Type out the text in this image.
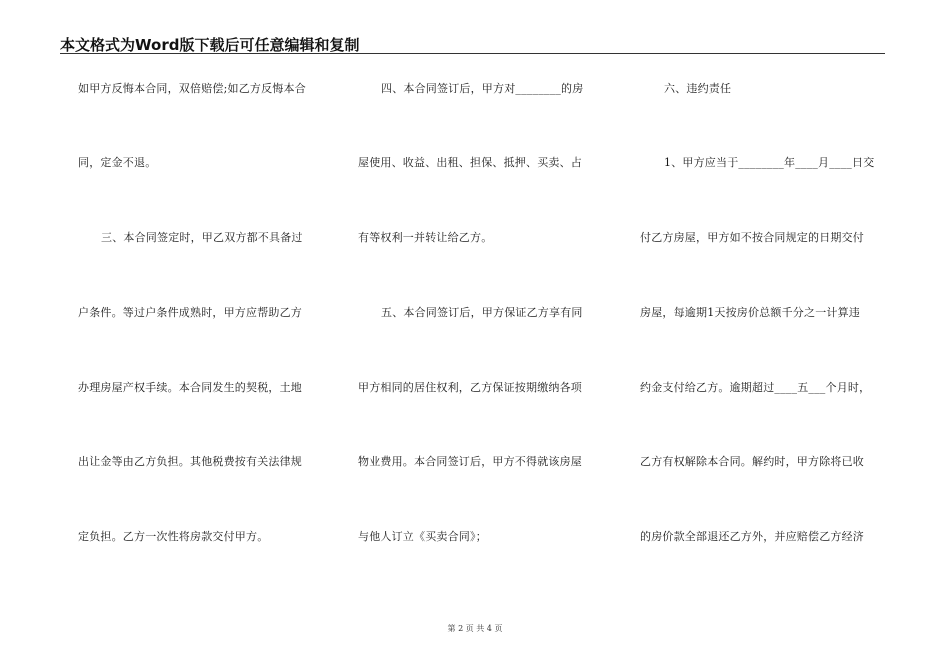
本文格式为Word版下载后可任意编辑和复制
如甲方反悔本合同，双倍赔偿;如乙方反悔本合
同，定金不退。
三、本合同签定时，甲乙双方都不具备过
户条件。等过户条件成熟时，甲方应帮助乙方
办理房屋产权手续。本合同发生的契税，土地
出让金等由乙方负担。其他税费按有关法律规
定负担。乙方一次性将房款交付甲方。
四、本合同签订后，甲方对________的房
屋使用、收益、出租、担保、抵押、买卖、占
有等权利一并转让给乙方。
五、本合同签订后，甲方保证乙方享有同
甲方相同的居住权利，乙方保证按期缴纳各项
物业费用。本合同签订后，甲方不得就该房屋
与他人订立《买卖合同》；
六、违约责任
1、甲方应当于________年____月____日交
付乙方房屋，甲方如不按合同规定的日期交付
房屋，每逾期1天按房价总额千分之一计算违
约金支付给乙方。逾期超过____五___个月时，
乙方有权解除本合同。解约时，甲方除将已收
的房价款全部退还乙方外，并应赔偿乙方经济
第 2 页 共 4 页
